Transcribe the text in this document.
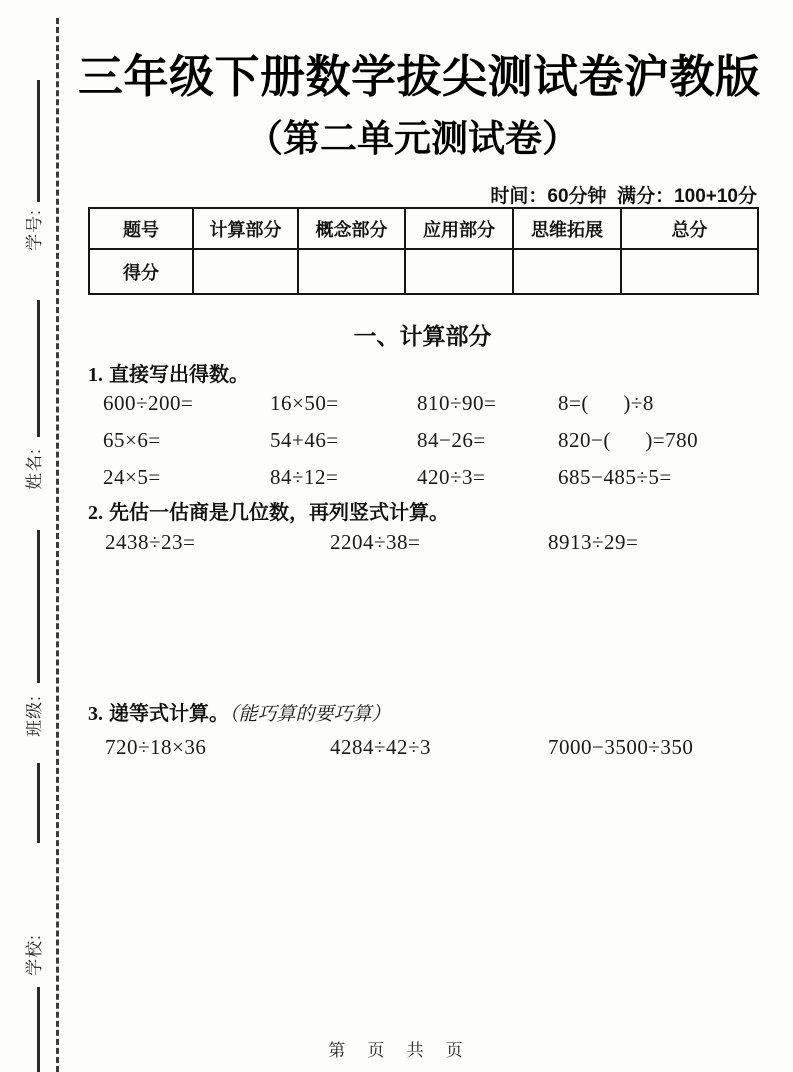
学号:
姓名:
班级:
学校:
三年级下册数学拔尖测试卷沪教版
（第二单元测试卷）
时间：60分钟  满分：100+10分
题号	计算部分	概念部分	应用部分	思维拓展	总分
得分					
一、计算部分
1. 直接写出得数。
600÷200=	16×50=	810÷90=	8=(      )÷8
65×6=	54+46=	84−26=	820−(      )=780
24×5=	84÷12=	420÷3=	685−485÷5=
2. 先估一估商是几位数，再列竖式计算。
2438÷23=	2204÷38=	8913÷29=
3. 递等式计算。（能巧算的要巧算）
720÷18×36	4284÷42÷3	7000−3500÷350
第   页   共   页
